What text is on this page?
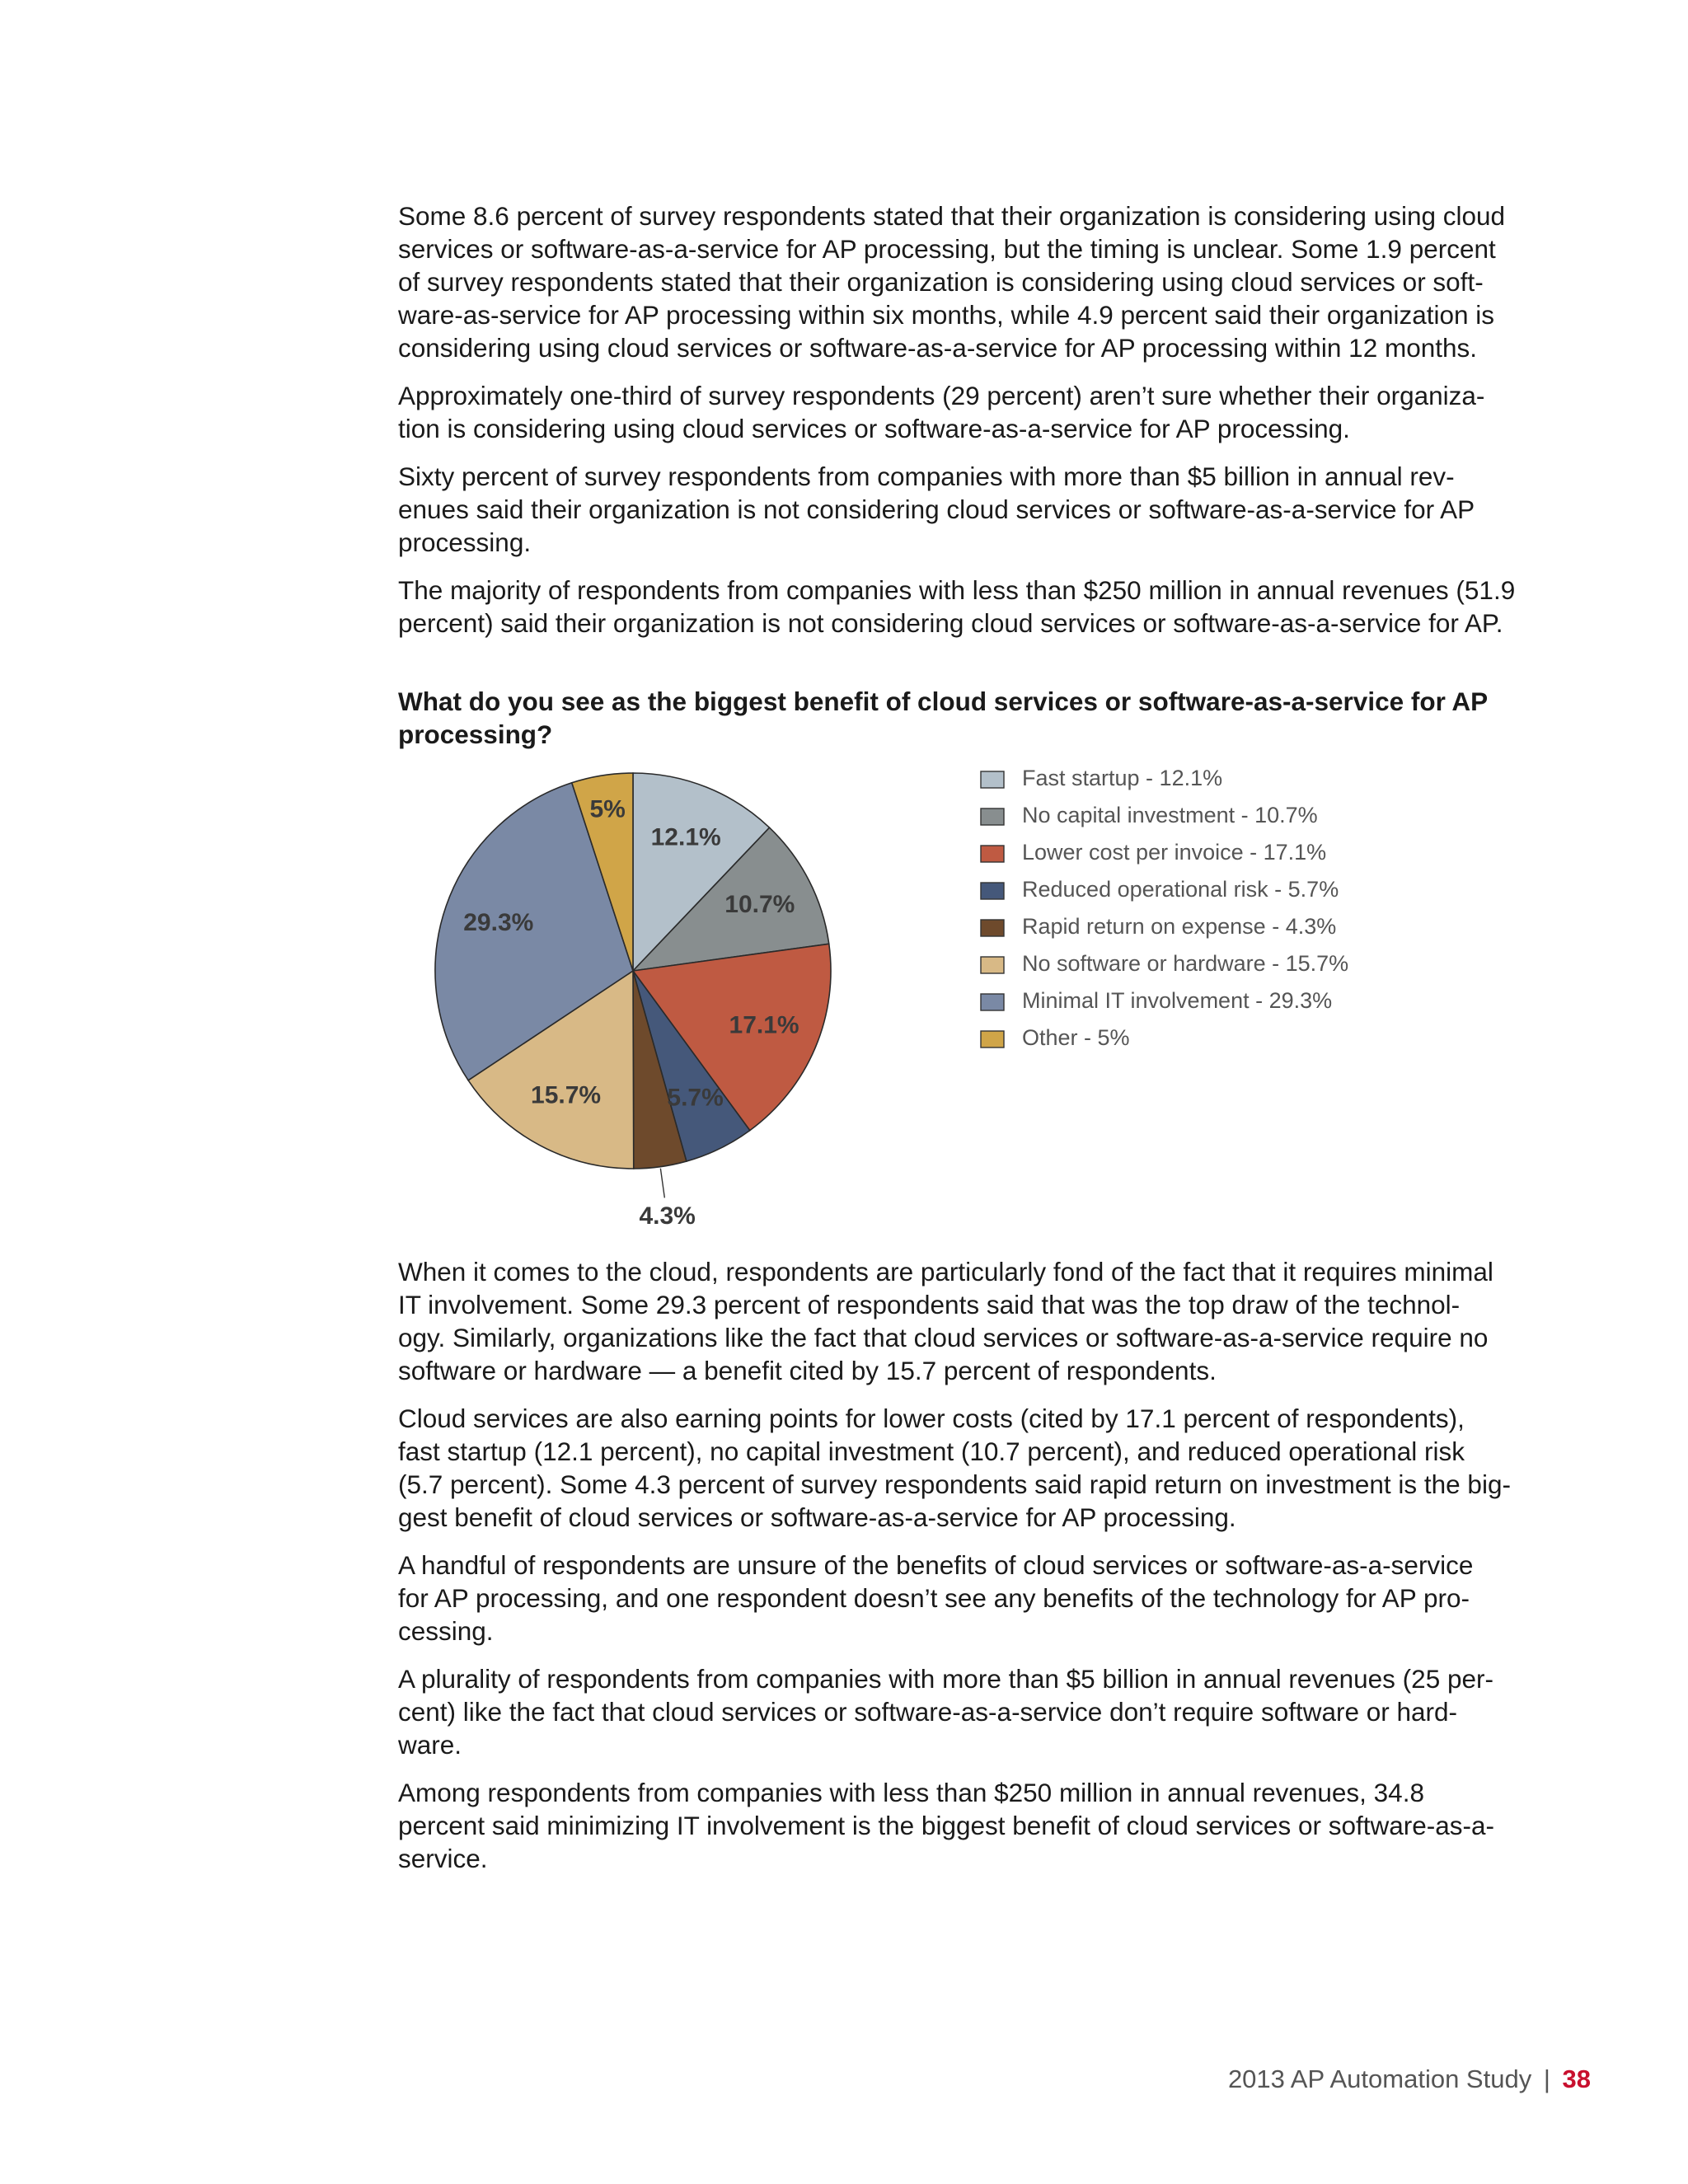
Some 8.6 percent of survey respondents stated that their organization is considering using cloud
services or software-as-a-service for AP processing, but the timing is unclear. Some 1.9 percent
of survey respondents stated that their organization is considering using cloud services or soft-
ware-as-service for AP processing within six months, while 4.9 percent said their organization is
considering using cloud services or software-as-a-service for AP processing within 12 months.

Approximately one-third of survey respondents (29 percent) aren’t sure whether their organiza-
tion is considering using cloud services or software-as-a-service for AP processing.

Sixty percent of survey respondents from companies with more than $5 billion in annual rev-
enues said their organization is not considering cloud services or software-as-a-service for AP
processing.

The majority of respondents from companies with less than $250 million in annual revenues (51.9
percent) said their organization is not considering cloud services or software-as-a-service for AP.

What do you see as the biggest benefit of cloud services or software-as-a-service for AP
processing?

12.1%
10.7%
17.1%
5.7%
4.3%
15.7%
29.3%
5%
Fast startup - 12.1%
No capital investment - 10.7%
Lower cost per invoice - 17.1%
Reduced operational risk - 5.7%
Rapid return on expense - 4.3%
No software or hardware - 15.7%
Minimal IT involvement - 29.3%
Other - 5%

When it comes to the cloud, respondents are particularly fond of the fact that it requires minimal
IT involvement. Some 29.3 percent of respondents said that was the top draw of the technol-
ogy. Similarly, organizations like the fact that cloud services or software-as-a-service require no
software or hardware — a benefit cited by 15.7 percent of respondents.

Cloud services are also earning points for lower costs (cited by 17.1 percent of respondents),
fast startup (12.1 percent), no capital investment (10.7 percent), and reduced operational risk
(5.7 percent). Some 4.3 percent of survey respondents said rapid return on investment is the big-
gest benefit of cloud services or software-as-a-service for AP processing.

A handful of respondents are unsure of the benefits of cloud services or software-as-a-service
for AP processing, and one respondent doesn’t see any benefits of the technology for AP pro-
cessing.

A plurality of respondents from companies with more than $5 billion in annual revenues (25 per-
cent) like the fact that cloud services or software-as-a-service don’t require software or hard-
ware.

Among respondents from companies with less than $250 million in annual revenues, 34.8
percent said minimizing IT involvement is the biggest benefit of cloud services or software-as-a-
service.

2013 AP Automation Study | 38
